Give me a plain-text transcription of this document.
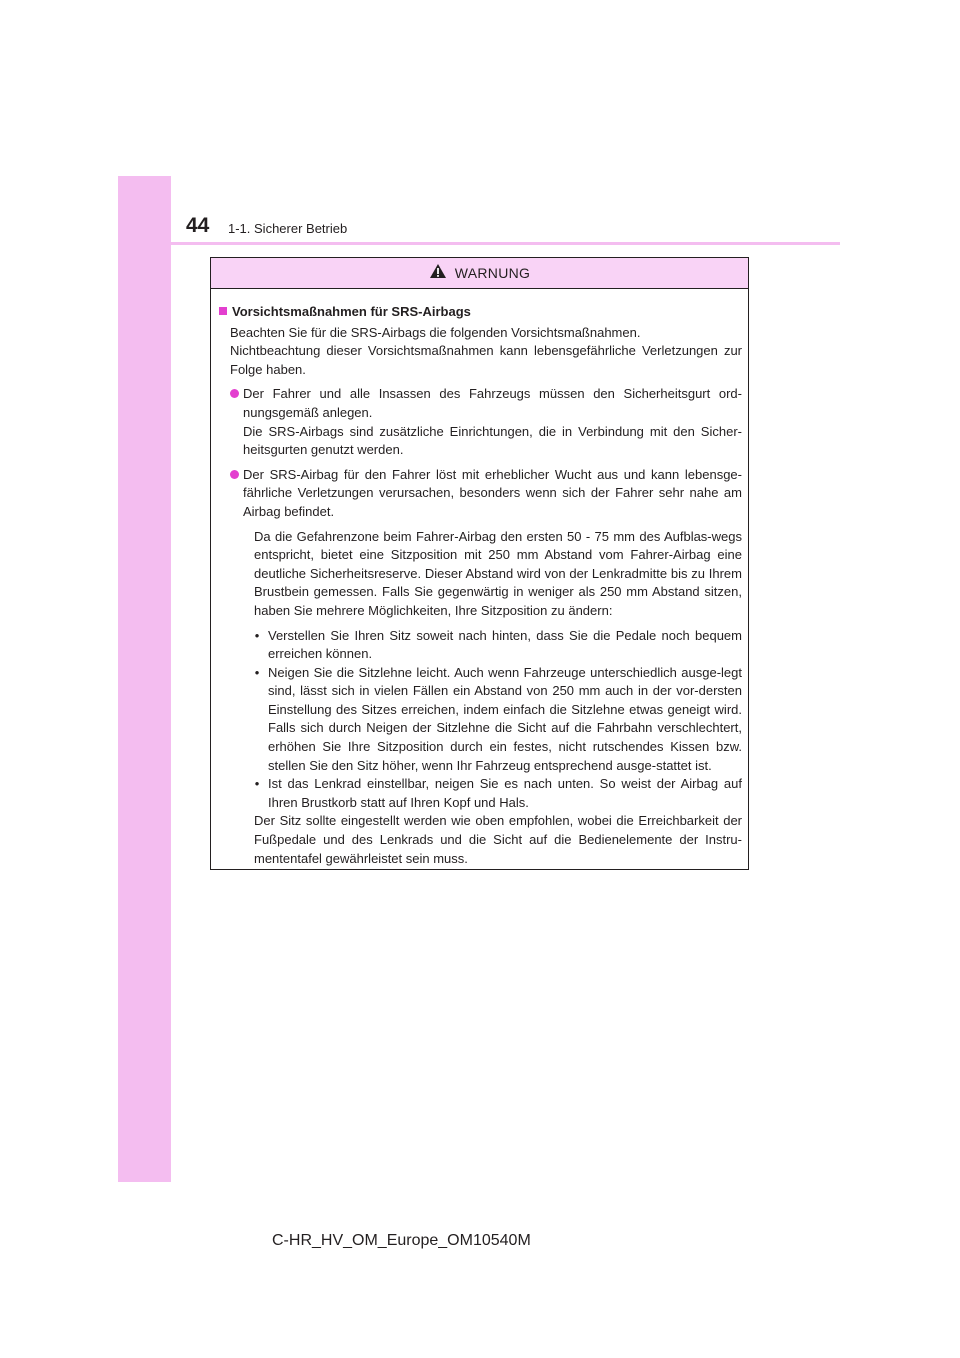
44 1-1. Sicherer Betrieb
WARNUNG
Vorsichtsmaßnahmen für SRS-Airbags
Beachten Sie für die SRS-Airbags die folgenden Vorsichtsmaßnahmen.
Nichtbeachtung dieser Vorsichtsmaßnahmen kann lebensgefährliche Verletzungen zur Folge haben.
Der Fahrer und alle Insassen des Fahrzeugs müssen den Sicherheitsgurt ord-nungsgemäß anlegen.
Die SRS-Airbags sind zusätzliche Einrichtungen, die in Verbindung mit den Sicher-heitsgurten genutzt werden.
Der SRS-Airbag für den Fahrer löst mit erheblicher Wucht aus und kann lebensge-fährliche Verletzungen verursachen, besonders wenn sich der Fahrer sehr nahe am Airbag befindet.
Da die Gefahrenzone beim Fahrer-Airbag den ersten 50 - 75 mm des Aufblas-wegs entspricht, bietet eine Sitzposition mit 250 mm Abstand vom Fahrer-Airbag eine deutliche Sicherheitsreserve. Dieser Abstand wird von der Lenkradmitte bis zu Ihrem Brustbein gemessen. Falls Sie gegenwärtig in weniger als 250 mm Abstand sitzen, haben Sie mehrere Möglichkeiten, Ihre Sitzposition zu ändern:
• Verstellen Sie Ihren Sitz soweit nach hinten, dass Sie die Pedale noch bequem erreichen können.
• Neigen Sie die Sitzlehne leicht. Auch wenn Fahrzeuge unterschiedlich ausge-legt sind, lässt sich in vielen Fällen ein Abstand von 250 mm auch in der vor-dersten Einstellung des Sitzes erreichen, indem einfach die Sitzlehne etwas geneigt wird. Falls sich durch Neigen der Sitzlehne die Sicht auf die Fahrbahn verschlechtert, erhöhen Sie Ihre Sitzposition durch ein festes, nicht rutschendes Kissen bzw. stellen Sie den Sitz höher, wenn Ihr Fahrzeug entsprechend ausge-stattet ist.
• Ist das Lenkrad einstellbar, neigen Sie es nach unten. So weist der Airbag auf Ihren Brustkorb statt auf Ihren Kopf und Hals.
Der Sitz sollte eingestellt werden wie oben empfohlen, wobei die Erreichbarkeit der Fußpedale und des Lenkrads und die Sicht auf die Bedienelemente der Instru-mententafel gewährleistet sein muss.
C-HR_HV_OM_Europe_OM10540M
